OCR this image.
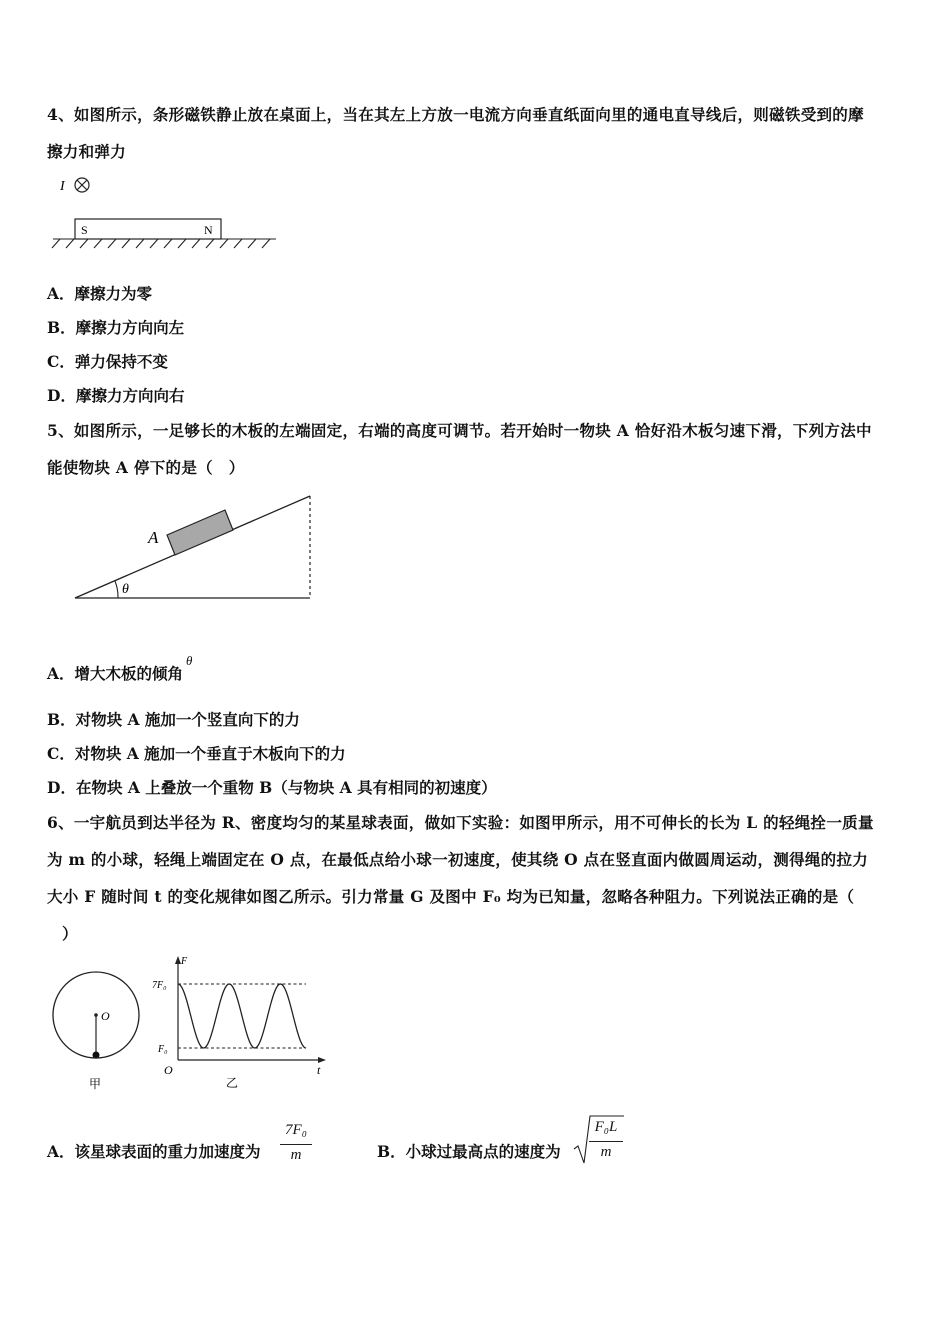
4、如图所示，条形磁铁静止放在桌面上，当在其左上方放一电流方向垂直纸面向里的通电直导线后，则磁铁受到的摩
擦力和弹力
I
S	N
A．摩擦力为零
B．摩擦力方向向左
C．弹力保持不变
D．摩擦力方向向右
5、如图所示，一足够长的木板的左端固定，右端的高度可调节。若开始时一物块 A 恰好沿木板匀速下滑，下列方法中
能使物块 A 停下的是（　）
θ
A
A．增大木板的倾角$^\theta$
B．对物块 A 施加一个竖直向下的力
C．对物块 A 施加一个垂直于木板向下的力
D．在物块 A 上叠放一个重物 B（与物块 A 具有相同的初速度）
6、一宇航员到达半径为 R、密度均匀的某星球表面，做如下实验：如图甲所示，用不可伸长的长为 L 的轻绳拴一质量
为 m 的小球，轻绳上端固定在 O 点，在最低点给小球一初速度，使其绕 O 点在竖直面内做圆周运动，测得绳的拉力
大小 F 随时间 t 的变化规律如图乙所示。引力常量 G 及图中 F₀ 均为已知量，忽略各种阻力。下列说法正确的是（
）
O
甲
F
t
O
7F₀
F₀
乙
A．该星球表面的重力加速度为
7F₀
m	B．小球过最高点的速度为
F₀L
m
